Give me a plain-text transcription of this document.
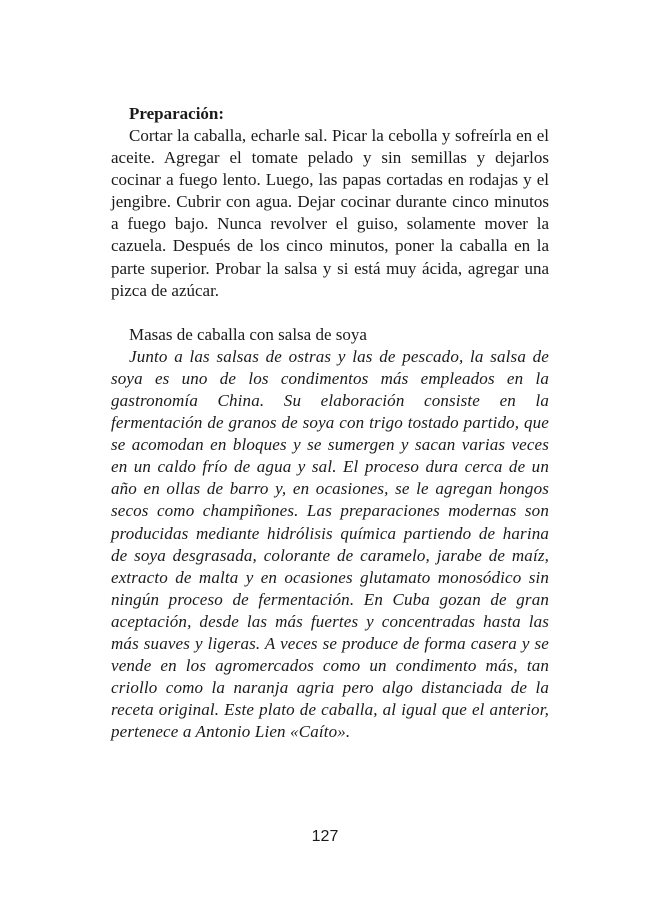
Preparación:

Cortar la caballa, echarle sal. Picar la cebolla y sofreírla en el aceite. Agregar el tomate pelado y sin semillas y dejarlos cocinar a fuego lento. Luego, las papas cortadas en rodajas y el jengibre. Cubrir con agua. Dejar cocinar durante cinco minutos a fuego bajo. Nunca revolver el guiso, solamente mover la cazuela. Después de los cinco minutos, poner la caballa en la parte superior. Probar la salsa y si está muy ácida, agregar una pizca de azúcar.

Masas de caballa con salsa de soya

Junto a las salsas de ostras y las de pescado, la salsa de soya es uno de los condimentos más empleados en la gastronomía China. Su elaboración consiste en la fermentación de granos de soya con trigo tostado partido, que se acomodan en bloques y se sumergen y sacan varias veces en un caldo frío de agua y sal. El proceso dura cerca de un año en ollas de barro y, en ocasiones, se le agregan hongos secos como champiñones. Las preparaciones modernas son producidas mediante hidrólisis química partiendo de harina de soya desgrasada, colorante de caramelo, jarabe de maíz, extracto de malta y en ocasiones glutamato monosódico sin ningún proceso de fermentación. En Cuba gozan de gran aceptación, desde las más fuertes y concentradas hasta las más suaves y ligeras. A veces se produce de forma casera y se vende en los agromercados como un condimento más, tan criollo como la naranja agria pero algo distanciada de la receta original. Este plato de caballa, al igual que el anterior, pertenece a Antonio Lien «Caíto».

127
